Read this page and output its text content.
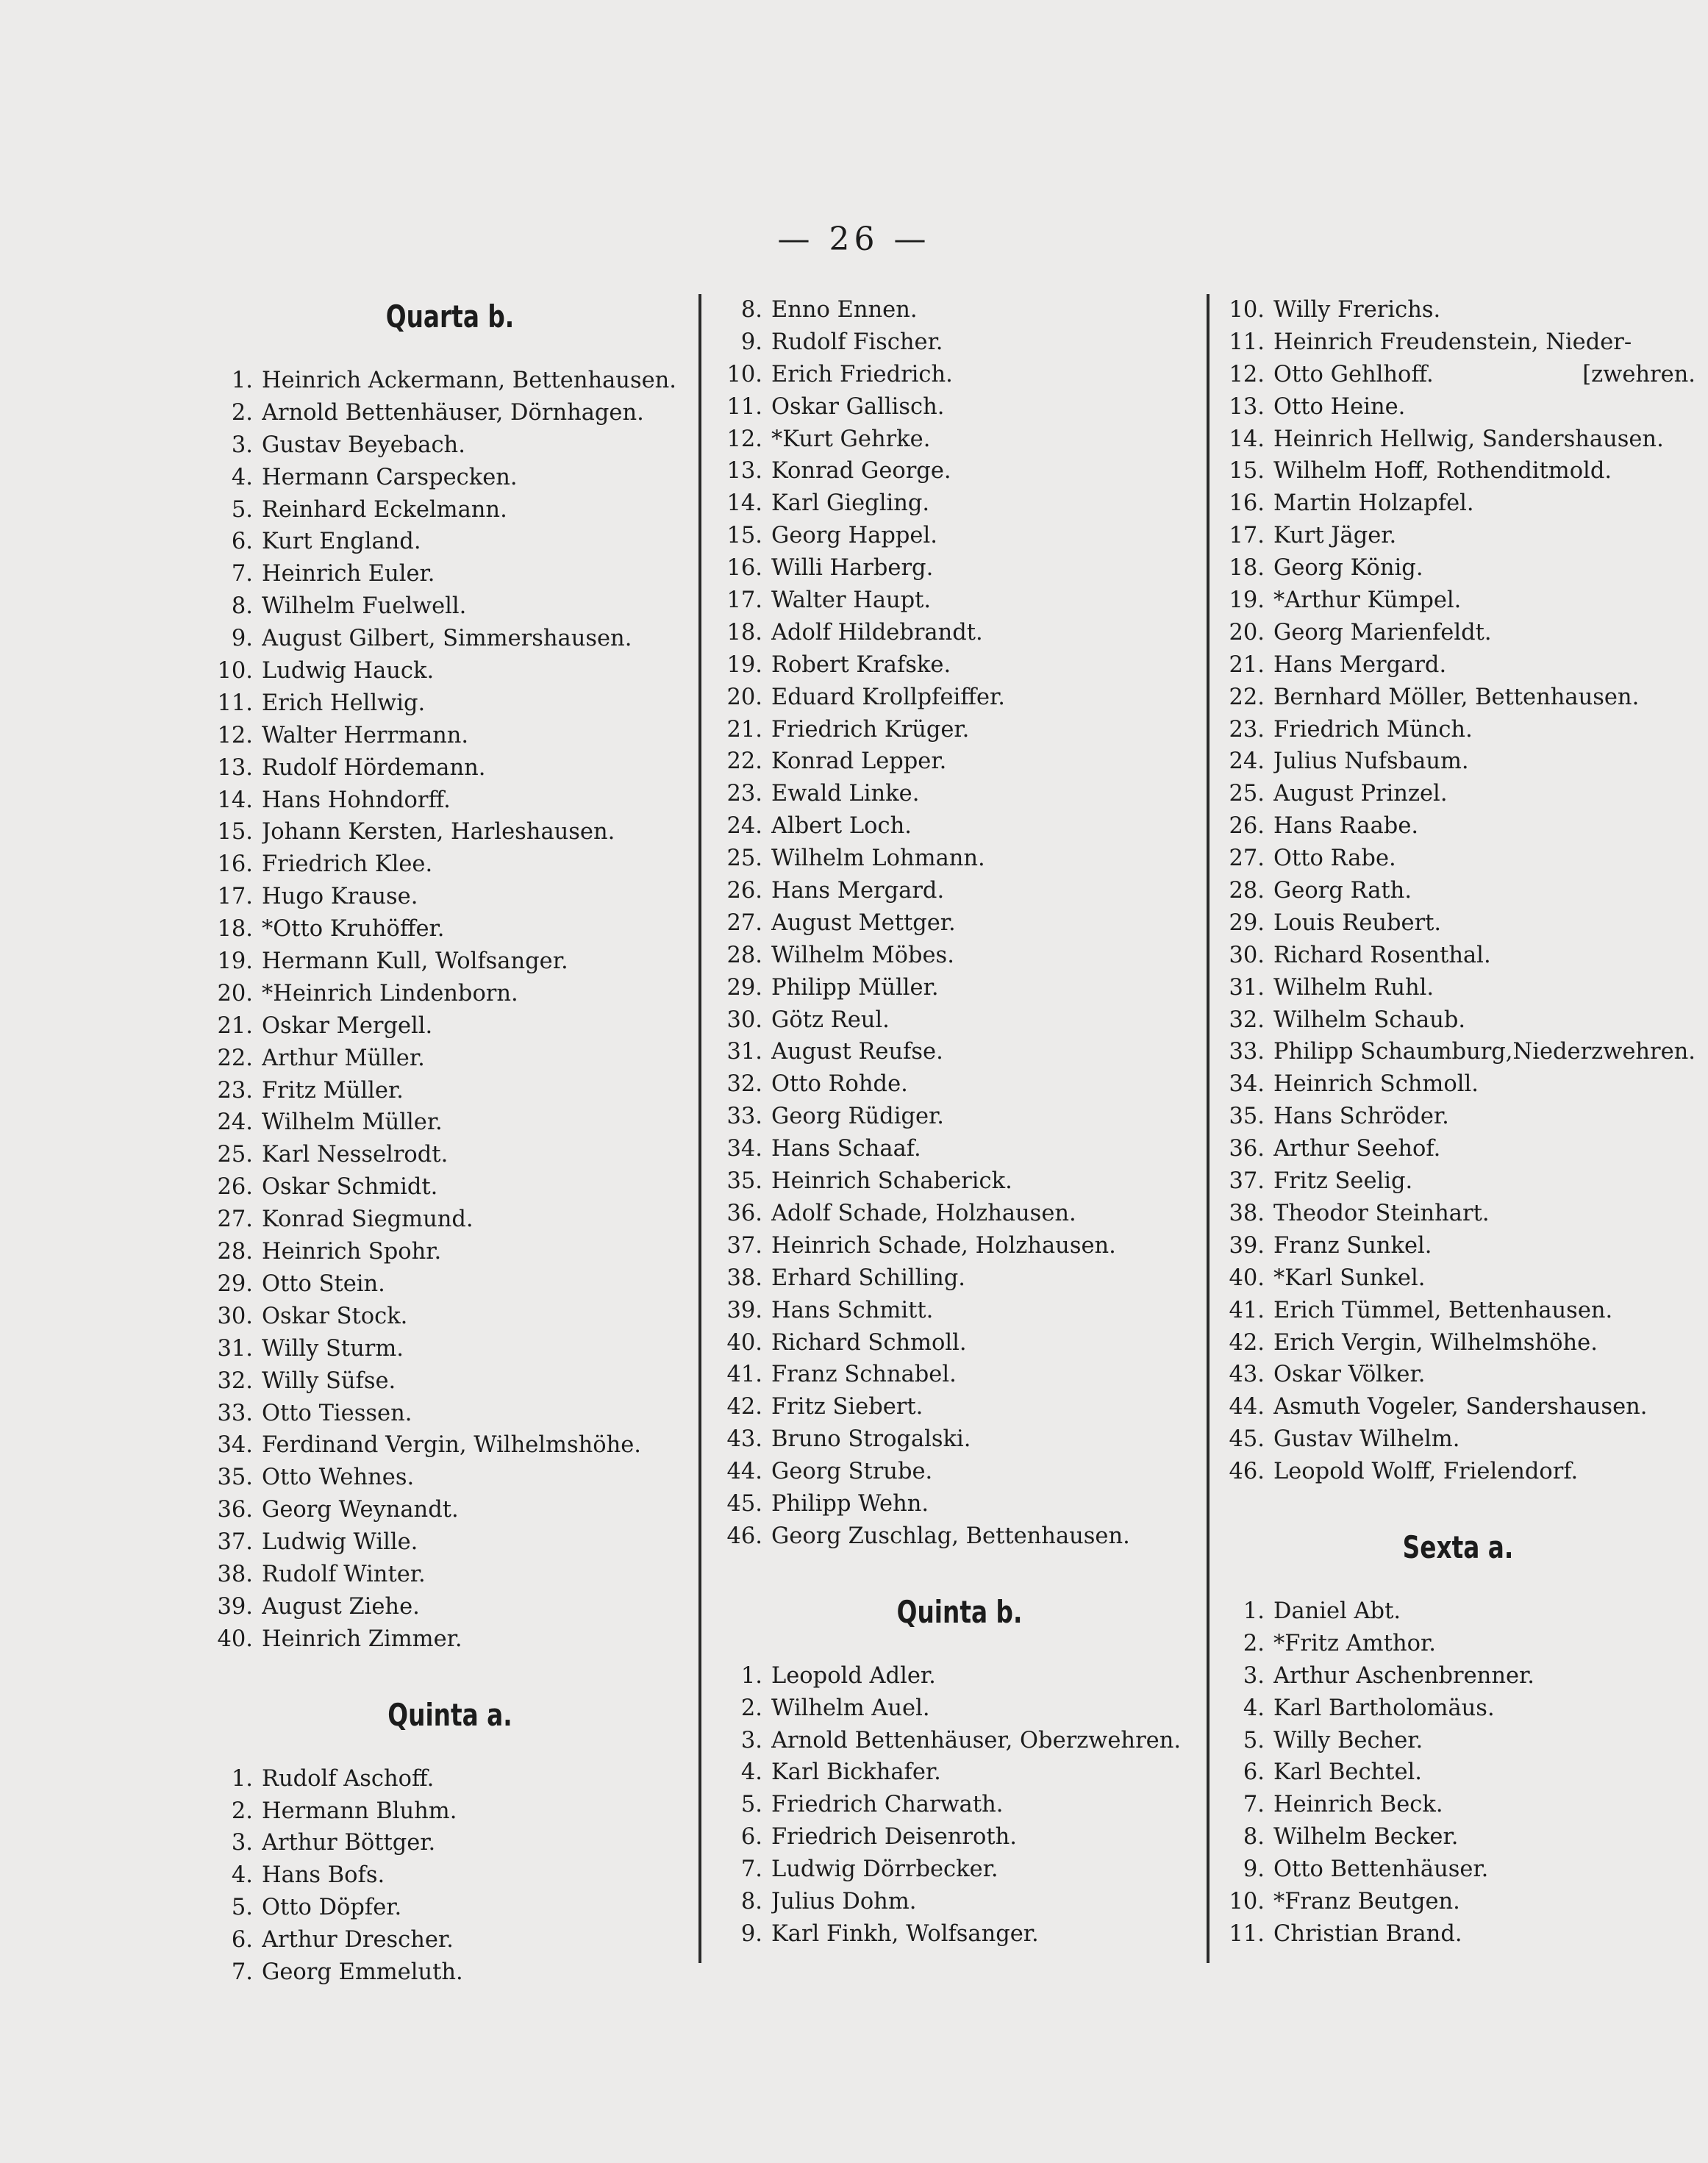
— 26 —
Quarta b.
1. Heinrich Ackermann, Bettenhausen.
2. Arnold Bettenhäuser, Dörnhagen.
3. Gustav Beyebach.
4. Hermann Carspecken.
5. Reinhard Eckelmann.
6. Kurt England.
7. Heinrich Euler.
8. Wilhelm Fuelwell.
9. August Gilbert, Simmershausen.
10. Ludwig Hauck.
11. Erich Hellwig.
12. Walter Herrmann.
13. Rudolf Hördemann.
14. Hans Hohndorff.
15. Johann Kersten, Harleshausen.
16. Friedrich Klee.
17. Hugo Krause.
18. *Otto Kruhöffer.
19. Hermann Kull, Wolfsanger.
20. *Heinrich Lindenborn.
21. Oskar Mergell.
22. Arthur Müller.
23. Fritz Müller.
24. Wilhelm Müller.
25. Karl Nesselrodt.
26. Oskar Schmidt.
27. Konrad Siegmund.
28. Heinrich Spohr.
29. Otto Stein.
30. Oskar Stock.
31. Willy Sturm.
32. Willy Süfse.
33. Otto Tiessen.
34. Ferdinand Vergin, Wilhelmshöhe.
35. Otto Wehnes.
36. Georg Weynandt.
37. Ludwig Wille.
38. Rudolf Winter.
39. August Ziehe.
40. Heinrich Zimmer.
Quinta a.
1. Rudolf Aschoff.
2. Hermann Bluhm.
3. Arthur Böttger.
4. Hans Bofs.
5. Otto Döpfer.
6. Arthur Drescher.
7. Georg Emmeluth.
8. Enno Ennen.
9. Rudolf Fischer.
10. Erich Friedrich.
11. Oskar Gallisch.
12. *Kurt Gehrke.
13. Konrad George.
14. Karl Giegling.
15. Georg Happel.
16. Willi Harberg.
17. Walter Haupt.
18. Adolf Hildebrandt.
19. Robert Krafske.
20. Eduard Krollpfeiffer.
21. Friedrich Krüger.
22. Konrad Lepper.
23. Ewald Linke.
24. Albert Loch.
25. Wilhelm Lohmann.
26. Hans Mergard.
27. August Mettger.
28. Wilhelm Möbes.
29. Philipp Müller.
30. Götz Reul.
31. August Reufse.
32. Otto Rohde.
33. Georg Rüdiger.
34. Hans Schaaf.
35. Heinrich Schaberick.
36. Adolf Schade, Holzhausen.
37. Heinrich Schade, Holzhausen.
38. Erhard Schilling.
39. Hans Schmitt.
40. Richard Schmoll.
41. Franz Schnabel.
42. Fritz Siebert.
43. Bruno Strogalski.
44. Georg Strube.
45. Philipp Wehn.
46. Georg Zuschlag, Bettenhausen.
Quinta b.
1. Leopold Adler.
2. Wilhelm Auel.
3. Arnold Bettenhäuser, Oberzwehren.
4. Karl Bickhafer.
5. Friedrich Charwath.
6. Friedrich Deisenroth.
7. Ludwig Dörrbecker.
8. Julius Dohm.
9. Karl Finkh, Wolfsanger.
10. Willy Frerichs.
11. Heinrich Freudenstein, Nieder-
12. Otto Gehlhoff.	[zwehren.
13. Otto Heine.
14. Heinrich Hellwig, Sandershausen.
15. Wilhelm Hoff, Rothenditmold.
16. Martin Holzapfel.
17. Kurt Jäger.
18. Georg König.
19. *Arthur Kümpel.
20. Georg Marienfeldt.
21. Hans Mergard.
22. Bernhard Möller, Bettenhausen.
23. Friedrich Münch.
24. Julius Nufsbaum.
25. August Prinzel.
26. Hans Raabe.
27. Otto Rabe.
28. Georg Rath.
29. Louis Reubert.
30. Richard Rosenthal.
31. Wilhelm Ruhl.
32. Wilhelm Schaub.
33. Philipp Schaumburg,Niederzwehren.
34. Heinrich Schmoll.
35. Hans Schröder.
36. Arthur Seehof.
37. Fritz Seelig.
38. Theodor Steinhart.
39. Franz Sunkel.
40. *Karl Sunkel.
41. Erich Tümmel, Bettenhausen.
42. Erich Vergin, Wilhelmshöhe.
43. Oskar Völker.
44. Asmuth Vogeler, Sandershausen.
45. Gustav Wilhelm.
46. Leopold Wolff, Frielendorf.
Sexta a.
1. Daniel Abt.
2. *Fritz Amthor.
3. Arthur Aschenbrenner.
4. Karl Bartholomäus.
5. Willy Becher.
6. Karl Bechtel.
7. Heinrich Beck.
8. Wilhelm Becker.
9. Otto Bettenhäuser.
10. *Franz Beutgen.
11. Christian Brand.
